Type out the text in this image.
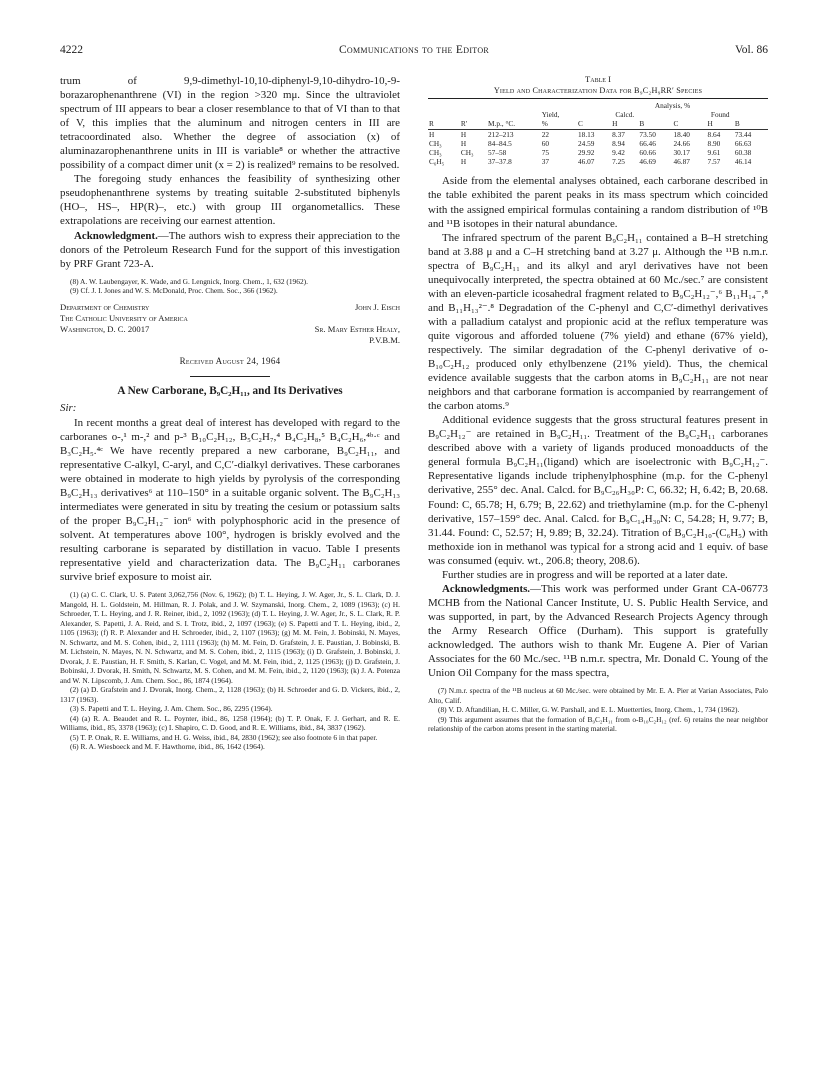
4222	Communications to the Editor	Vol. 86

trum of 9,9-dimethyl-10,10-diphenyl-9,10-dihydro-10,-9-borazarophenanthrene (VI) in the region >320 mμ. Since the ultraviolet spectrum of III appears to bear a closer resemblance to that of VI than to that of V, this implies that the aluminum and nitrogen centers in III are tetracoordinated also. Whether the degree of association (x) of aluminazarophenanthrene units in III is variable⁸ or whether the attractive possibility of a compact dimer unit (x = 2) is realized⁹ remains to be resolved.

The foregoing study enhances the feasibility of synthesizing other pseudophenanthrene systems by treating suitable 2-substituted biphenyls (HO–, HS–, HP(R)–, etc.) with group III organometallics. These extrapolations are receiving our earnest attention.

Acknowledgment.—The authors wish to express their appreciation to the donors of the Petroleum Research Fund for the support of this investigation by PRF Grant 723-A.

(8) A. W. Laubengayer, K. Wade, and G. Lengnick, Inorg. Chem., 1, 632 (1962).

(9) Cf. J. I. Jones and W. S. McDonald, Proc. Chem. Soc., 366 (1962).

Department of Chemistry	John J. Eisch
The Catholic University of America
Washington, D. C. 20017	Sr. Mary Esther Healy,
P.V.B.M.
Received August 24, 1964
A New Carborane, B₉C₂H₁₁, and Its Derivatives
Sir:

In recent months a great deal of interest has developed with regard to the carboranes o-,¹ m-,² and p-³ B₁₀C₂H₁₂, B₅C₂H₇,⁴ B₄C₂H₈,⁵ B₄C₂H₆,⁴ᵇ·ᶜ and B₃C₂H₅.⁴ᶜ We have recently prepared a new carborane, B₉C₂H₁₁, and representative C-alkyl, C-aryl, and C,C′-dialkyl derivatives. These carboranes were obtained in moderate to high yields by pyrolysis of the corresponding B₉C₂H₁₃ derivatives⁶ at 110–150° in a suitable organic solvent. The B₉C₂H₁₃ intermediates were generated in situ by treating the cesium or potassium salts of the proper B₉C₂H₁₂⁻ ion⁶ with polyphosphoric acid in the presence of solvent. At temperatures above 100°, hydrogen is briskly evolved and the resulting carborane is separated by distillation in vacuo. Table I presents representative yield and characterization data. The B₉C₂H₁₁ carboranes survive brief exposure to moist air.

(1) (a) C. C. Clark, U. S. Patent 3,062,756 (Nov. 6, 1962); (b) T. L. Heying, J. W. Ager, Jr., S. L. Clark, D. J. Mangold, H. L. Goldstein, M. Hillman, R. J. Polak, and J. W. Szymanski, Inorg. Chem., 2, 1089 (1963); (c) H. Schroeder, T. L. Heying, and J. R. Reiner, ibid., 2, 1092 (1963); (d) T. L. Heying, J. W. Ager, Jr., S. L. Clark, R. P. Alexander, S. Papetti, J. A. Reid, and S. I. Trotz, ibid., 2, 1097 (1963); (e) S. Papetti and T. L. Heying, ibid., 2, 1105 (1963); (f) R. P. Alexander and H. Schroeder, ibid., 2, 1107 (1963); (g) M. M. Fein, J. Bobinski, N. Mayes, N. Schwartz, and M. S. Cohen, ibid., 2, 1111 (1963); (h) M. M. Fein, D. Grafstein, J. E. Paustian, J. Bobinski, B. M. Lichstein, N. Mayes, N. N. Schwartz, and M. S. Cohen, ibid., 2, 1115 (1963); (i) D. Grafstein, J. Bobinski, J. Dvorak, J. E. Paustian, H. F. Smith, S. Karlan, C. Vogel, and M. M. Fein, ibid., 2, 1125 (1963); (j) D. Grafstein, J. Bobinski, J. Dvorak, H. Smith, N. Schwartz, M. S. Cohen, and M. M. Fein, ibid., 2, 1120 (1963); (k) J. A. Potenza and W. N. Lipscomb, J. Am. Chem. Soc., 86, 1874 (1964).

(2) (a) D. Grafstein and J. Dvorak, Inorg. Chem., 2, 1128 (1963); (b) H. Schroeder and G. D. Vickers, ibid., 2, 1317 (1963).

(3) S. Papetti and T. L. Heying, J. Am. Chem. Soc., 86, 2295 (1964).

(4) (a) R. A. Beaudet and R. L. Poynter, ibid., 86, 1258 (1964); (b) T. P. Onak, F. J. Gerhart, and R. E. Williams, ibid., 85, 3378 (1963); (c) I. Shapiro, C. D. Good, and R. E. Williams, ibid., 84, 3837 (1962).

(5) T. P. Onak, R. E. Williams, and H. G. Weiss, ibid., 84, 2830 (1962); see also footnote 6 in that paper.

(6) R. A. Wiesboeck and M. F. Hawthorne, ibid., 86, 1642 (1964).

Table I
Yield and Characterization Data for B₉C₂H₉RR′ Species
				Analysis, %					
			Yield,	Calcd.			Found		
R	R′	M.p., °C.	%	C	H	B	C	H	B
H	H	212–213	22	18.13	8.37	73.50	18.40	8.64	73.44
CH₃	H	84–84.5	60	24.59	8.94	66.46	24.66	8.90	66.63
CH₃	CH₃	57–58	75	29.92	9.42	60.66	30.17	9.61	60.38
C₆H₅	H	37–37.8	37	46.07	7.25	46.69	46.87	7.57	46.14

Aside from the elemental analyses obtained, each carborane described in the table exhibited the parent peaks in its mass spectrum which coincided with the assigned empirical formulas containing a random distribution of ¹⁰B and ¹¹B isotopes in their natural abundance.

The infrared spectrum of the parent B₉C₂H₁₁ contained a B–H stretching band at 3.88 μ and a C–H stretching band at 3.27 μ. Although the ¹¹B n.m.r. spectra of B₉C₂H₁₁ and its alkyl and aryl derivatives have not been unequivocally interpreted, the spectra obtained at 60 Mc./sec.⁷ are consistent with an eleven-particle icosahedral fragment related to B₉C₂H₁₂⁻,⁶ B₁₁H₁₄⁻,⁸ and B₁₁H₁₃²⁻.⁸ Degradation of the C-phenyl and C,C′-dimethyl derivatives with a palladium catalyst and propionic acid at the reflux temperature was quite vigorous and afforded toluene (7% yield) and ethane (67% yield), respectively. The similar degradation of the C-phenyl derivative of o-B₁₀C₂H₁₂ produced only ethylbenzene (21% yield). Thus, the chemical evidence available suggests that the carbon atoms in B₉C₂H₁₁ are not near neighbors and that carborane formation is accompanied by rearrangement of the carbon atoms.⁹

Additional evidence suggests that the gross structural features present in B₉C₂H₁₂⁻ are retained in B₉C₂H₁₁. Treatment of the B₉C₂H₁₁ carboranes described above with a variety of ligands produced monoadducts of the general formula B₉C₂H₁₁(ligand) which are isoelectronic with B₉C₂H₁₂⁻. Representative ligands include triphenylphosphine (m.p. for the C-phenyl derivative, 255° dec. Anal. Calcd. for B₉C₂₆H₃₀P: C, 66.32; H, 6.42; B, 20.68. Found: C, 65.78; H, 6.79; B, 22.62) and triethylamine (m.p. for the C-phenyl derivative, 157–159° dec. Anal. Calcd. for B₉C₁₄H₃₀N: C, 54.28; H, 9.77; B, 31.44. Found: C, 52.57; H, 9.89; B, 32.24). Titration of B₉C₂H₁₀-(C₆H₅) with methoxide ion in methanol was typical for a strong acid and 1 equiv. of base was consumed (equiv. wt., 206.8; theory, 208.6).

Further studies are in progress and will be reported at a later date.

Acknowledgments.—This work was performed under Grant CA-06773 MCHB from the National Cancer Institute, U. S. Public Health Service, and was supported, in part, by the Advanced Research Projects Agency through the Army Research Office (Durham). This support is gratefully acknowledged. The authors wish to thank Mr. Eugene A. Pier of Varian Associates for the 60 Mc./sec. ¹¹B n.m.r. spectra, Mr. Donald C. Young of the Union Oil Company for the mass spectra,

(7) N.m.r. spectra of the ¹¹B nucleus at 60 Mc./sec. were obtained by Mr. E. A. Pier at Varian Associates, Palo Alto, Calif.

(8) V. D. Aftandilian, H. C. Miller, G. W. Parshall, and E. L. Muetterties, Inorg. Chem., 1, 734 (1962).

(9) This argument assumes that the formation of B₉C₂H₁₁ from o-B₁₀C₂H₁₂ (ref. 6) retains the near neighbor relationship of the carbon atoms present in the starting material.
